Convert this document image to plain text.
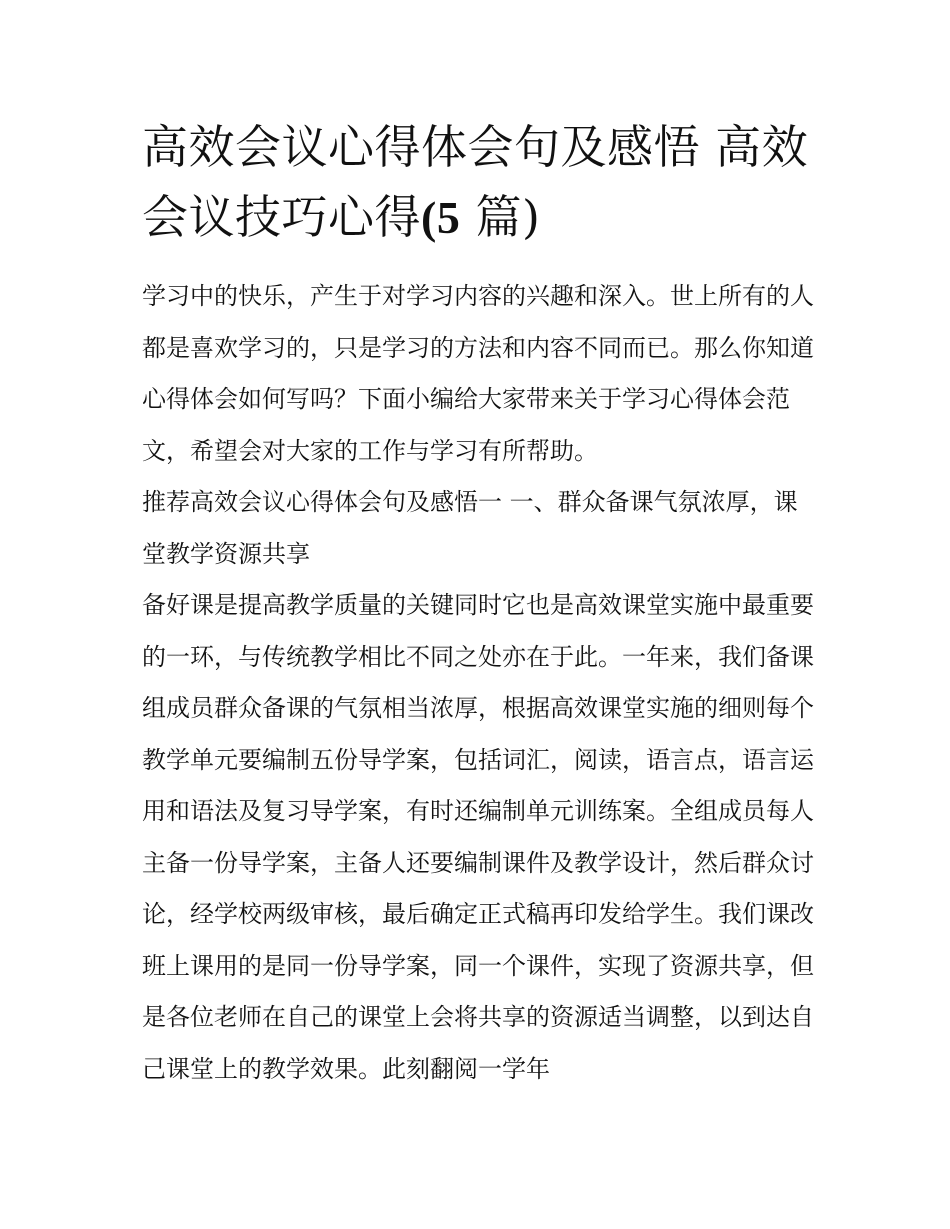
高效会议心得体会句及感悟 高效会议技巧心得(5 篇)

学习中的快乐，产生于对学习内容的兴趣和深入。世上所有的人都是喜欢学习的，只是学习的方法和内容不同而已。那么你知道心得体会如何写吗？下面小编给大家带来关于学习心得体会范文，希望会对大家的工作与学习有所帮助。

推荐高效会议心得体会句及感悟一 一、群众备课气氛浓厚，课堂教学资源共享

备好课是提高教学质量的关键同时它也是高效课堂实施中最重要的一环，与传统教学相比不同之处亦在于此。一年来，我们备课组成员群众备课的气氛相当浓厚，根据高效课堂实施的细则每个教学单元要编制五份导学案，包括词汇，阅读，语言点，语言运用和语法及复习导学案，有时还编制单元训练案。全组成员每人主备一份导学案，主备人还要编制课件及教学设计，然后群众讨论，经学校两级审核，最后确定正式稿再印发给学生。我们课改班上课用的是同一份导学案，同一个课件，实现了资源共享，但是各位老师在自己的课堂上会将共享的资源适当调整，以到达自己课堂上的教学效果。此刻翻阅一学年
